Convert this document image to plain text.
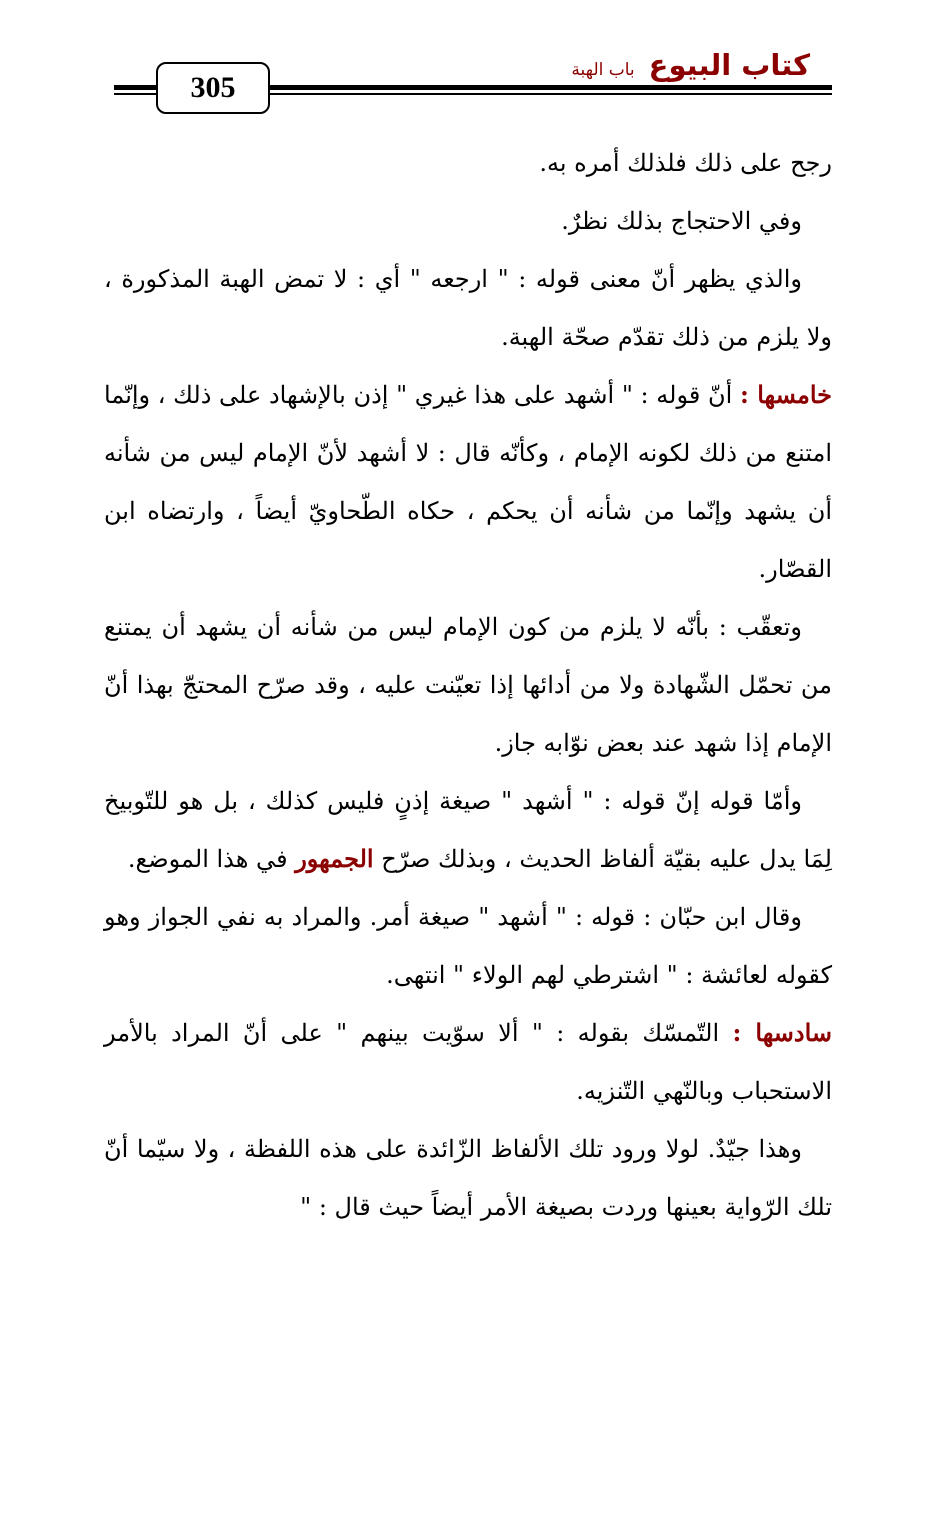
305
كتاب البيوع
باب الهبة

رجح على ذلك فلذلك أمره به.

وفي الاحتجاج بذلك نظرٌ.

والذي يظهر أنّ معنى قوله : " ارجعه " أي : لا تمض الهبة المذكورة ، ولا يلزم من ذلك تقدّم صحّة الهبة.

خامسها : أنّ قوله : " أشهد على هذا غيري " إذن بالإشهاد على ذلك ، وإنّما امتنع من ذلك لكونه الإمام ، وكأنّه قال : لا أشهد لأنّ الإمام ليس من شأنه أن يشهد وإنّما من شأنه أن يحكم ، حكاه الطّحاويّ أيضاً ، وارتضاه ابن القصّار.

وتعقّب : بأنّه لا يلزم من كون الإمام ليس من شأنه أن يشهد أن يمتنع من تحمّل الشّهادة ولا من أدائها إذا تعيّنت عليه ، وقد صرّح المحتجّ بهذا أنّ الإمام إذا شهد عند بعض نوّابه جاز.

وأمّا قوله إنّ قوله : " أشهد " صيغة إذنٍ فليس كذلك ، بل هو للتّوبيخ لِمَا يدل عليه بقيّة ألفاظ الحديث ، وبذلك صرّح الجمهور في هذا الموضع.

وقال ابن حبّان : قوله : " أشهد " صيغة أمر. والمراد به نفي الجواز وهو كقوله لعائشة : " اشترطي لهم الولاء " انتهى.

سادسها : التّمسّك بقوله : " ألا سوّيت بينهم " على أنّ المراد بالأمر الاستحباب وبالنّهي التّنزيه.

وهذا جيّدٌ. لولا ورود تلك الألفاظ الزّائدة على هذه اللفظة ، ولا سيّما أنّ تلك الرّواية بعينها وردت بصيغة الأمر أيضاً حيث قال : "
